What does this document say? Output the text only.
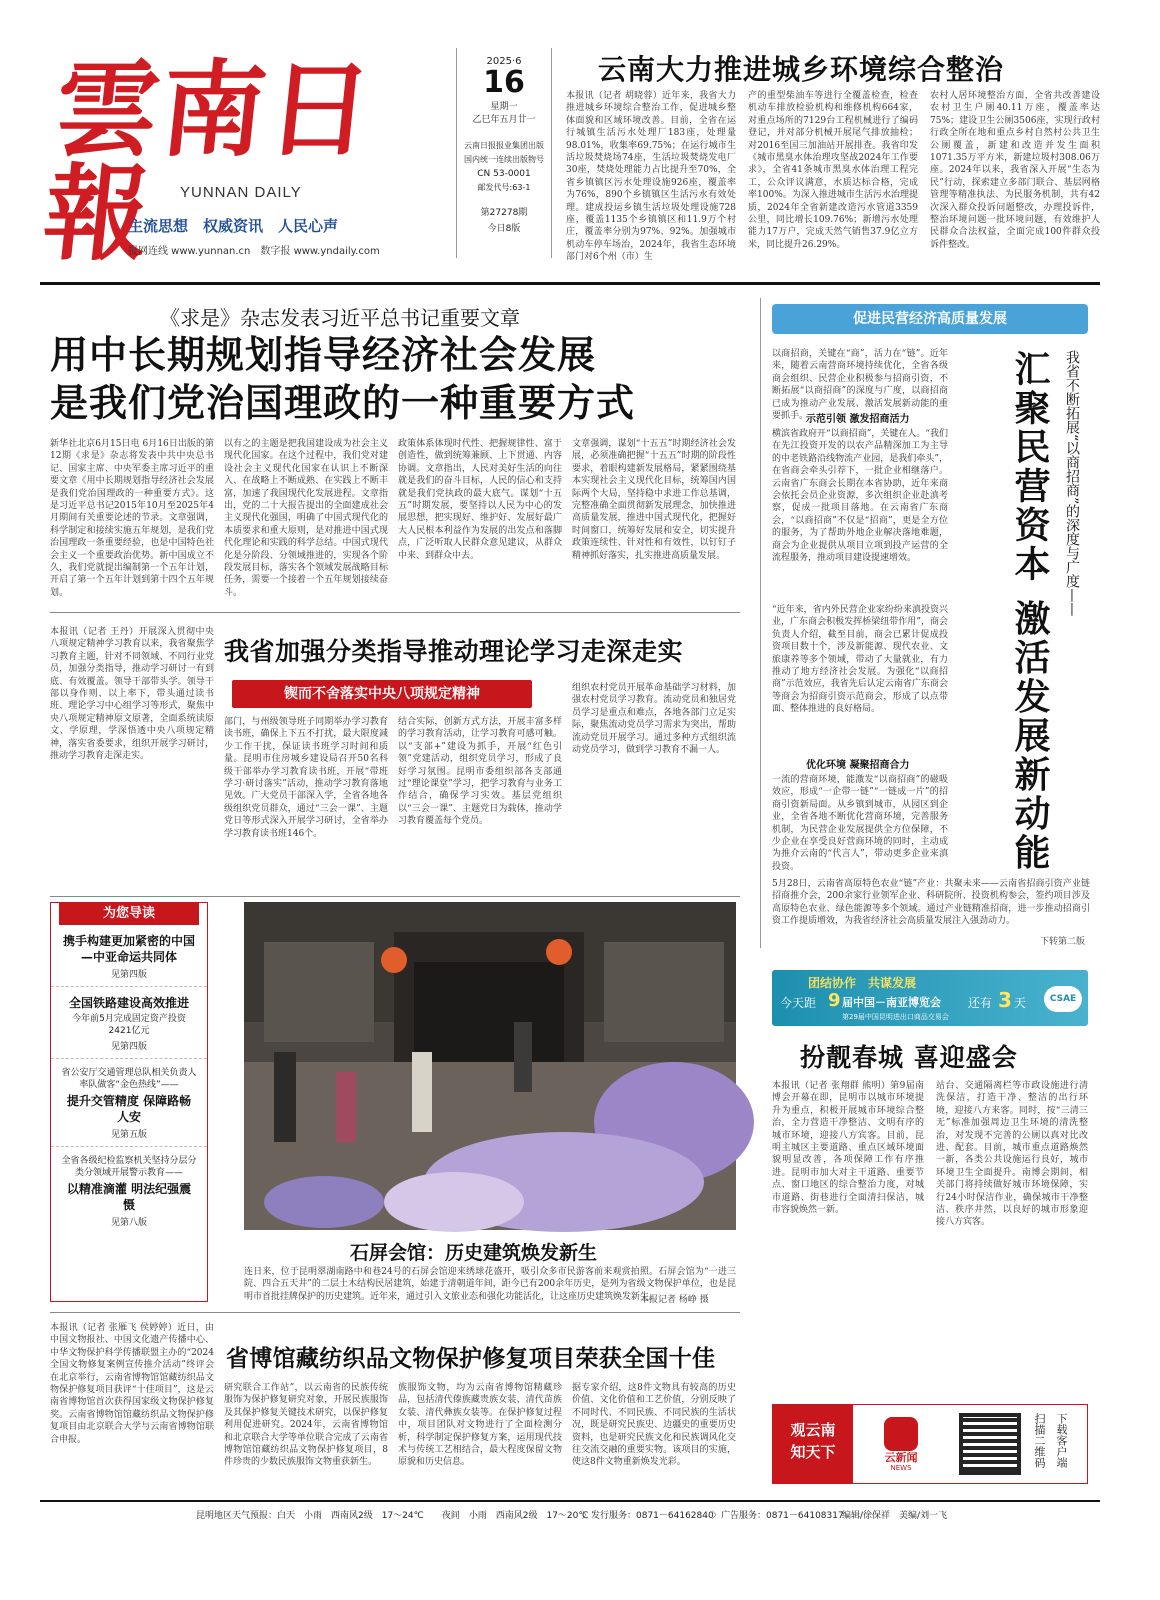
雲南日報	YUNNAN DAILY
主流思想　权威资讯　人民心声
报网连线 www.yunnan.cn　数字报 www.yndaily.com
2025·6
16
星期一
乙巳年五月廿一
云南日报报业集团出版
国内统一连续出版物号
CN 53-0001
邮发代号:63-1
第27278期
今日8版
云南大力推进城乡环境综合整治
本报讯（记者 胡晓蓉）近年来，我省大力推进城乡环境综合整治工作，促进城乡整体面貌和区域环境改善。目前，全省在运行城镇生活污水处理厂183座，处理量98.01%，收集率69.75%；在运行城市生活垃圾焚烧场74座，生活垃圾焚烧发电厂30座，焚烧处理能力占比提升至70%，全省乡镇镇区污水处理设施926座，覆盖率为76%，890个乡镇镇区生活污水有效处理。建成投运乡镇生活垃圾处理设施728座，覆盖1135个乡镇镇区和11.9万个村庄，覆盖率分别为97%、92%。加强城市机动车停车场治，2024年，我省生态环境部门对6个州（市）生
产的重型柴油车等进行全覆盖检查，检查机动车排放检验机构和维修机构664家，对重点场所的7129台工程机械进行了编码登记，并对部分机械开展尾气排放抽检；对2016至国三加油站开展排查。我省印发《城市黑臭水体治理攻坚战2024年工作要求》，全省41条城市黑臭水体治理工程完工，公众评议满意，水质达标合格，完成率100%。为深入推进城市生活污水治理提质，2024年全省新建改造污水管道3359公里，同比增长109.76%；新增污水处理能力17万户，完成天然气销售37.9亿立方米，同比提升26.29%。
农村人居环境整治方面，全省共改善建设农村卫生户厕40.11万座，覆盖率达75%；建设卫生公厕3506座，实现行政村行政全所在地和重点乡村自然村公共卫生公厕覆盖，新建和改造并发生面积1071.35万平方米，新建垃圾村308.06万座。2024年以来，我省深入开展“生态为民”行动，探索建立多部门联合、基层网格管理等精准执法、为民服务机制，共有42次深入群众投诉问题整改，办理投诉件，整治环境问题一批环境问题，有效维护人民群众合法权益，全面完成100件群众投诉件整改。
《求是》杂志发表习近平总书记重要文章
用中长期规划指导经济社会发展
是我们党治国理政的一种重要方式
新华社北京6月15日电 6月16日出版的第12期《求是》杂志将发表中共中央总书记、国家主席、中央军委主席习近平的重要文章《用中长期规划指导经济社会发展是我们党治国理政的一种重要方式》。这是习近平总书记2015年10月至2025年4月期间有关重要论述的节录。文章强调，科学制定和接续实施五年规划，是我们党治国理政一条重要经验，也是中国特色社会主义一个重要政治优势。新中国成立不久，我们党就提出编制第一个五年计划，开启了第一个五年计划到第十四个五年规划。
以有之的主题是把我国建设成为社会主义现代化国家。在这个过程中，我们党对建设社会主义现代化国家在认识上不断深入、在战略上不断成熟、在实践上不断丰富，加速了我国现代化发展进程。文章指出，党的二十大报告提出的全面建成社会主义现代化强国，明确了中国式现代化的本质要求和重大原则，是对推进中国式现代化理论和实践的科学总结。中国式现代化是分阶段、分领域推进的，实现各个阶段发展目标，落实各个领域发展战略目标任务，需要一个接着一个五年规划接续奋斗。
政策体系体现时代性、把握规律性、富于创造性，做到统筹兼顾、上下贯通、内容协调。文章指出，人民对美好生活的向往就是我们的奋斗目标，人民的信心和支持就是我们党执政的最大底气。谋划“十五五”时期发展，要坚持以人民为中心的发展思想，把实现好、维护好、发展好最广大人民根本利益作为发展的出发点和落脚点，广泛听取人民群众意见建议，从群众中来、到群众中去。
文章强调，谋划“十五五”时期经济社会发展，必须准确把握“十五五”时期的阶段性要求，着眼构建新发展格局，紧紧围绕基本实现社会主义现代化目标，统筹国内国际两个大局，坚持稳中求进工作总基调，完整准确全面贯彻新发展理念，加快推进高质量发展，推进中国式现代化，把握好时间窗口，统筹好发展和安全，切实提升政策连续性、针对性和有效性，以钉钉子精神抓好落实，扎实推进高质量发展。
本报讯（记者 王丹）开展深入贯彻中央八项规定精神学习教育以来，我省聚焦学习教育主题，针对不同领域、不同行业党员，加强分类指导，推动学习研讨一有到底、有效覆盖。领导干部带头学。领导干部以身作则、以上率下，带头通过读书班、理论学习中心组学习等形式，聚焦中央八项规定精神原文原著，全面系统读原文、学原理，学深悟透中央八项规定精神，落实省委要求，组织开展学习研讨，推动学习教育走深走实。
我省加强分类指导推动理论学习走深走实
锲而不舍落实中央八项规定精神
部门，与州级领导班子同期举办学习教育读书班，确保上下五不打扰，最大限度减少工作干扰，保证读书班学习时间和质量。昆明市住房城乡建设局召开50名科级干部举办学习教育读书班，开展“带班学习·研讨落实”活动，推动学习教育落地见效。广大党员干部深入学，全省各地各级组织党员群众，通过“三会一课”、主题党日等形式深入开展学习研讨，全省举办学习教育读书班146个。
结合实际，创新方式方法，开展丰富多样的学习教育活动，让学习教育可感可触。以“支部+”建设为抓手，开展“红色引领”党建活动，组织党员学习，形成了良好学习氛围。昆明市委组织部各支部通过“理论课堂”学习，把学习教育与业务工作结合，确保学习实效。基层党组织以“三会一课”、主题党日为载体，推动学习教育覆盖每个党员。
组织农村党员开展革命基础学习材料，加强农村党员学习教育。流动党员和独居党员学习是重点和难点，各地各部门立足实际，聚焦流动党员学习需求为突出，帮助流动党员开展学习。通过多种方式组织流动党员学习，做到学习教育不漏一人。
为您导读
携手构建更加紧密的中国—中亚命运共同体
见第四版
全国铁路建设高效推进
今年前5月完成固定资产投资2421亿元
见第四版
省公安厅交通管理总队相关负责人率队做客“金色热线”——
提升交管精度 保障路畅人安
见第五版
全省各级纪检监察机关坚持分层分类分领域开展警示教育——
以精准滴灌 明法纪强震慑
见第八版
石屏会馆：历史建筑焕发新生
连日来，位于昆明翠湖南路中和巷24号的石屏会馆迎来绣球花盛开，吸引众多市民游客前来观赏拍照。石屏会馆为“一进三院、四合五天井”的二层土木结构民居建筑，始建于清朝道年间，距今已有200余年历史，是列为省级文物保护单位，也是昆明市首批挂牌保护的历史建筑。近年来，通过引入文旅业态和强化功能活化，让这座历史建筑焕发新生。
本报记者 杨峥 摄
本报讯（记者 张雁飞 侯婷婷）近日，由中国文物报社、中国文化遗产传播中心、中华文物保护科学传播联盟主办的“2024全国文物修复案例宣传推介活动”终评会在北京举行，云南省博物馆馆藏纺织品文物保护修复项目获评“十佳项目”，这是云南省博物馆首次获得国家级文物保护修复奖。云南省博物馆馆藏纺织品文物保护修复项目由北京联合大学与云南省博物馆联合申报。
省博馆藏纺织品文物保护修复项目荣获全国十佳
研究联合工作站”，以云南省的民族传统服饰为保护修复研究对象，开展民族服饰及其保护修复关键技术研究，以保护修复利用促进研究。2024年，云南省博物馆和北京联合大学等单位联合完成了云南省博物馆馆藏纺织品文物保护修复项目，8件珍贵的少数民族服饰文物重获新生。
族服饰文物，均为云南省博物馆精藏珍品，包括清代傣族藏贵族女装、清代苗族女装、清代彝族女装等。在保护修复过程中，项目团队对文物进行了全面检测分析，科学制定保护修复方案，运用现代技术与传统工艺相结合，最大程度保留文物原貌和历史信息。
据专家介绍，这8件文物具有较高的历史价值、文化价值和工艺价值，分别反映了不同时代、不同民族、不同民族的生活状况，既是研究民族史、边疆史的重要历史资料，也是研究民族文化和民族调风化交往交流交融的重要实物。该项目的实施，使这8件文物重新焕发光彩。
促进民营经济高质量发展
以商招商，关键在“商”，活力在“链”。近年来，随着云南营商环境持续优化，全省各级商会组织、民营企业积极参与招商引资，不断拓展“以商招商”的深度与广度，以商招商已成为推动产业发展、激活发展新动能的重要抓手。
示范引领 激发招商活力
横滨省政府开“以商招商”，关键在人。“我们在先江投资开发的以农产品精深加工为主导的中老铁路沿线物流产业园，是我们牵头”，在省商会牵头引荐下，一批企业相继落户。云南省广东商会长期在本省协助，近年来商会依托会员企业资源，多次组织企业赴滇考察，促成一批项目落地。在云南省广东商会，“以商招商”不仅是“招商”，更是全方位的服务，为了帮助外地企业解决落地难题，商会为企业提供从项目立项到投产运营的全流程服务，推动项目建设提速增效。
“近年来，省内外民营企业家纷纷来滇投资兴业，广东商会积极发挥桥梁纽带作用”，商会负责人介绍，截至目前，商会已累计促成投资项目数十个，涉及新能源、现代农业、文旅康养等多个领域，带动了大量就业，有力推动了地方经济社会发展。为强化“以商招商”示范效应，我省先后认定云南省广东商会等商会为招商引资示范商会，形成了以点带面、整体推进的良好格局。
优化环境 凝聚招商合力
一流的营商环境，能激发“以商招商”的磁吸效应，形成“一企带一链”“一链成一片”的招商引资新局面。从乡镇到城市，从园区到企业，全省各地不断优化营商环境，完善服务机制，为民营企业发展提供全方位保障，不少企业在享受良好营商环境的同时，主动成为推介云南的“代言人”，带动更多企业来滇投资。
5月28日，云南省高原特色农业“链”产业：共聚未来——云南省招商引资产业链招商推介会，200余家行业领军企业、科研院所、投资机构参会，签约项目涉及高原特色农业、绿色能源等多个领域。通过产业链精准招商，进一步推动招商引资工作提质增效，为我省经济社会高质量发展注入强劲动力。
下转第二版
汇聚民营资本 激活发展新动能 我省不断拓展“以商招商”的深度与广度——
团结协作　共谋发展
今天距 9 届中国－南亚博览会 还有 3 天
第29届中国昆明进出口商品交易会
CSAE
扮靓春城 喜迎盛会
本报讯（记者 张翔群 熊明）第9届南博会开幕在即，昆明市以城市环境提升为重点，积极开展城市环境综合整治，全力营造干净整洁、文明有序的城市环境，迎接八方宾客。目前，昆明主城区主要道路、重点区域环境面貌明显改善，各项保障工作有序推进。昆明市加大对主干道路、重要节点、窗口地区的综合整治力度，对城市道路、街巷进行全面清扫保洁，城市容貌焕然一新。
站台、交通隔离栏等市政设施进行清洗保洁，打造干净、整洁的出行环境，迎接八方来客。同时，按“三清三无”标准加强周边卫生环境的清洗整治，对发现不完善的公厕以真对比改进、配套。目前，城市重点道路焕然一新，各类公共设施运行良好，城市环境卫生全面提升。南博会期间，相关部门将持续做好城市环境保障，实行24小时保洁作业，确保城市干净整洁、秩序井然，以良好的城市形象迎接八方宾客。
观云南
知天下	云新闻
NEWS	扫描二维码 下载客户端
昆明地区天气预报：白天　小雨　西南风2级　17～24℃　　夜间　小雨　西南风2级　17～20℃
〉发行服务：0871－64162840
〉广告服务：0871－64108317
编辑/徐保祥　美编/刘一飞
